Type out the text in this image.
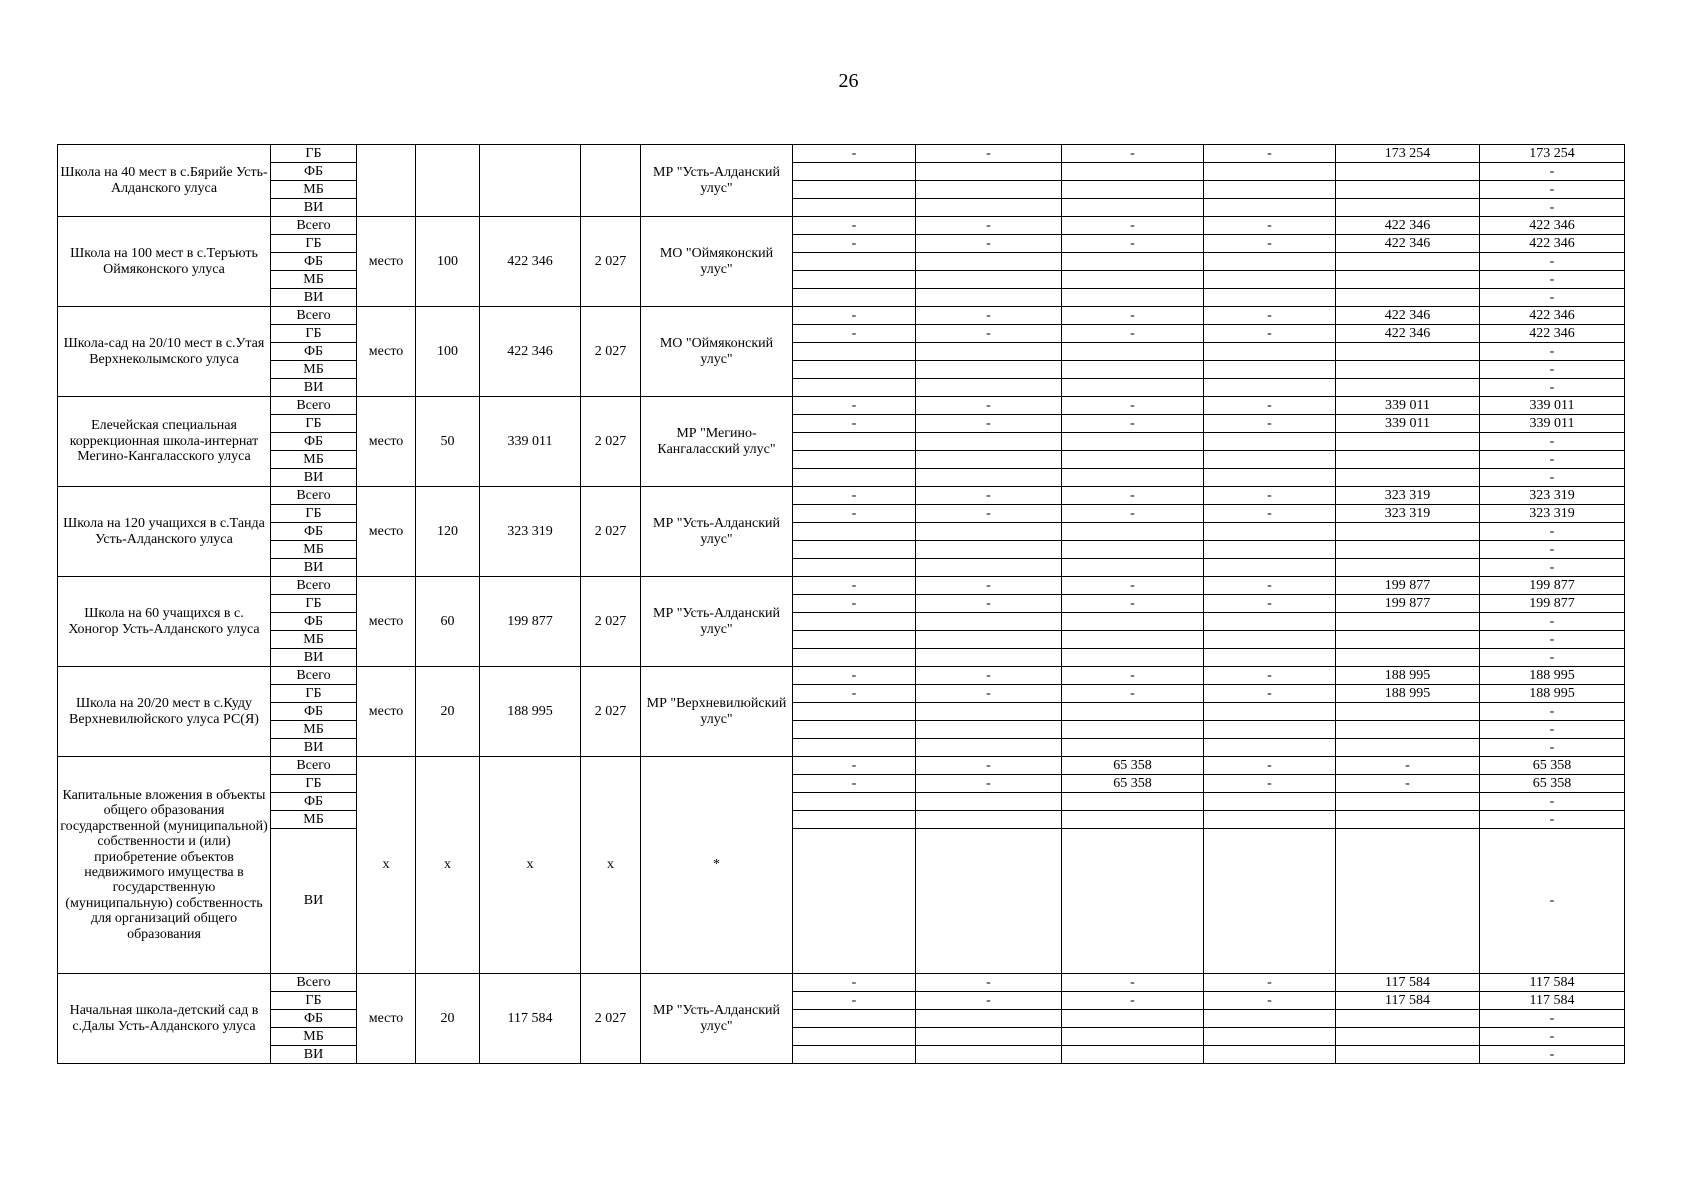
26
Школа на 40 мест в с.Бярийе Усть-Алданского улуса	ГБ					МР "Усть-Алданский улус"	-	-	-	-	173 254	173 254
	ФБ											-
	МБ											-
	ВИ											-
Школа на 100 мест в с.Теръють Оймяконского улуса	Всего	место	100	422 346	2 027	МО "Оймяконский улус"	-	-	-	-	422 346	422 346
	ГБ						-	-	-	-	422 346	422 346
	ФБ											-
	МБ											-
	ВИ											-
Школа-сад на 20/10 мест в с.Утая Верхнеколымского улуса	Всего	место	100	422 346	2 027	МО "Оймяконский улус"	-	-	-	-	422 346	422 346
	ГБ						-	-	-	-	422 346	422 346
	ФБ											-
	МБ											-
	ВИ											-
Елечейская специальная коррекционная школа-интернат Мегино-Кангаласского улуса	Всего	место	50	339 011	2 027	МР "Мегино-Кангаласский улус"	-	-	-	-	339 011	339 011
	ГБ						-	-	-	-	339 011	339 011
	ФБ											-
	МБ											-
	ВИ											-
Школа на 120 учащихся в с.Танда Усть-Алданского улуса	Всего	место	120	323 319	2 027	МР "Усть-Алданский улус"	-	-	-	-	323 319	323 319
	ГБ						-	-	-	-	323 319	323 319
	ФБ											-
	МБ											-
	ВИ											-
Школа на 60 учащихся в с. Хоногор Усть-Алданского улуса	Всего	место	60	199 877	2 027	МР "Усть-Алданский улус"	-	-	-	-	199 877	199 877
	ГБ						-	-	-	-	199 877	199 877
	ФБ											-
	МБ											-
	ВИ											-
Школа на 20/20 мест в с.Куду Верхневилюйского улуса РС(Я)	Всего	место	20	188 995	2 027	МР "Верхневилюйский улус"	-	-	-	-	188 995	188 995
	ГБ						-	-	-	-	188 995	188 995
	ФБ											-
	МБ											-
	ВИ											-
Капитальные вложения в объекты общего образования государственной (муниципальной) собственности и (или) приобретение объектов недвижимого имущества в государственную (муниципальную) собственность для организаций общего образования	Всего	х	х	х	х	*	-	-	65 358	-	-	65 358
	ГБ						-	-	65 358	-	-	65 358
	ФБ											-
	МБ											-
	ВИ											-
Начальная школа-детский сад в с.Далы Усть-Алданского улуса	Всего	место	20	117 584	2 027	МР "Усть-Алданский улус"	-	-	-	-	117 584	117 584
	ГБ						-	-	-	-	117 584	117 584
	ФБ											-
	МБ											-
	ВИ											-
